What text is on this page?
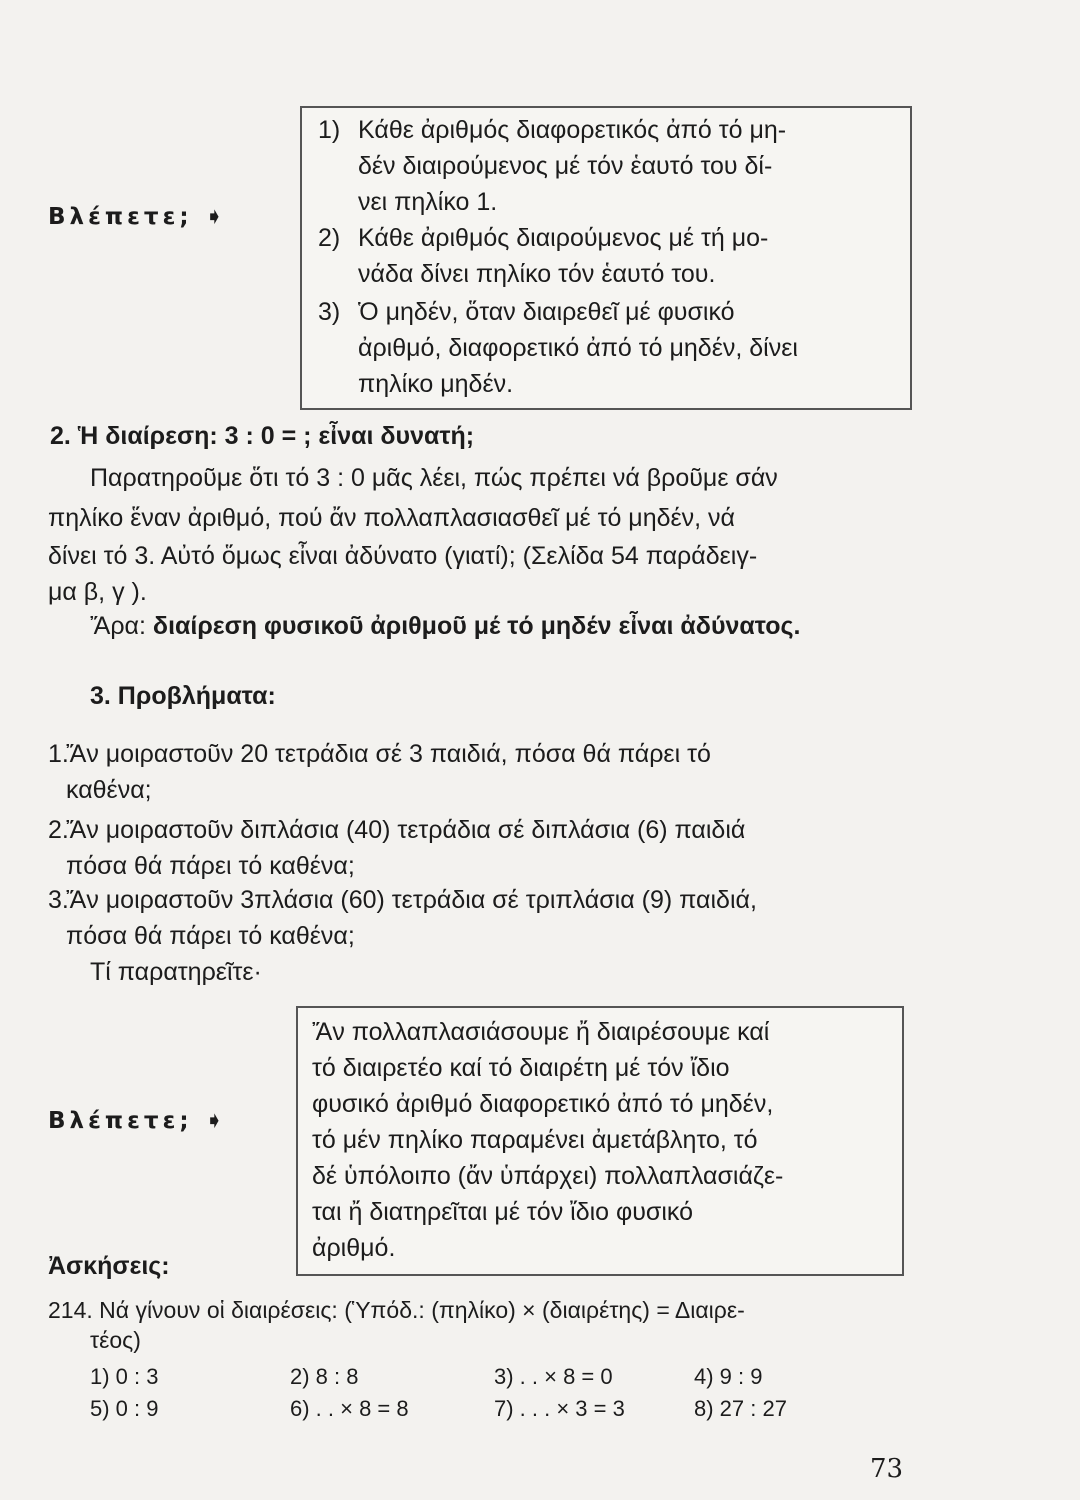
Βλέπετε; ➧
1) Κάθε ἀριθμός διαφορετικός ἀπό τό μη-
δέν διαιρούμενος μέ τόν ἑαυτό του δί-
νει πηλίκο 1.
2) Κάθε ἀριθμός διαιρούμενος μέ τή μο-
νάδα δίνει πηλίκο τόν ἑαυτό του.
3) Ὁ μηδέν, ὅταν διαιρεθεῖ μέ φυσικό
ἀριθμό, διαφορετικό ἀπό τό μηδέν, δίνει
πηλίκο μηδέν.
2. Ἡ διαίρεση: 3 : 0 = ; εἶναι δυνατή;
Παρατηροῦμε ὅτι τό 3 : 0 μᾶς λέει, πώς πρέπει νά βροῦμε σάν
πηλίκο ἕναν ἀριθμό, πού ἄν πολλαπλασιασθεῖ μέ τό μηδέν, νά
δίνει τό 3. Αὐτό ὅμως εἶναι ἀδύνατο (γιατί); (Σελίδα 54 παράδειγ-
μα β, γ ).
Ἄρα: διαίρεση φυσικοῦ ἀριθμοῦ μέ τό μηδέν εἶναι ἀδύνατος.
3. Προβλήματα:
1.
Ἄν μοιραστοῦν 20 τετράδια σέ 3 παιδιά, πόσα θά πάρει τό
καθένα;
2.
Ἄν μοιραστοῦν διπλάσια (40) τετράδια σέ διπλάσια (6) παιδιά
πόσα θά πάρει τό καθένα;
3.
Ἄν μοιραστοῦν 3πλάσια (60) τετράδια σέ τριπλάσια (9) παιδιά,
πόσα θά πάρει τό καθένα;
Τί παρατηρεῖτε·
Βλέπετε; ➧
Ἄν πολλαπλασιάσουμε ἤ διαιρέσουμε καί
τό διαιρετέο καί τό διαιρέτη μέ τόν ἴδιο
φυσικό ἀριθμό διαφορετικό ἀπό τό μηδέν,
τό μέν πηλίκο παραμένει ἀμετάβλητο, τό
δέ ὑπόλοιπο (ἄν ὑπάρχει) πολλαπλασιάζε-
ται ἤ διατηρεῖται μέ τόν ἴδιο φυσικό
ἀριθμό.
Ἀσκήσεις:
214. Νά γίνουν οἱ διαιρέσεις: (Ὑπόδ.: (πηλίκο) × (διαιρέτης) = Διαιρε-
τέος)
1) 0 : 3	2) 8 : 8	3) . . × 8 = 0	4) 9 : 9
5) 0 : 9	6) . . × 8 = 8	7) . . . × 3 = 3	8) 27 : 27
73
